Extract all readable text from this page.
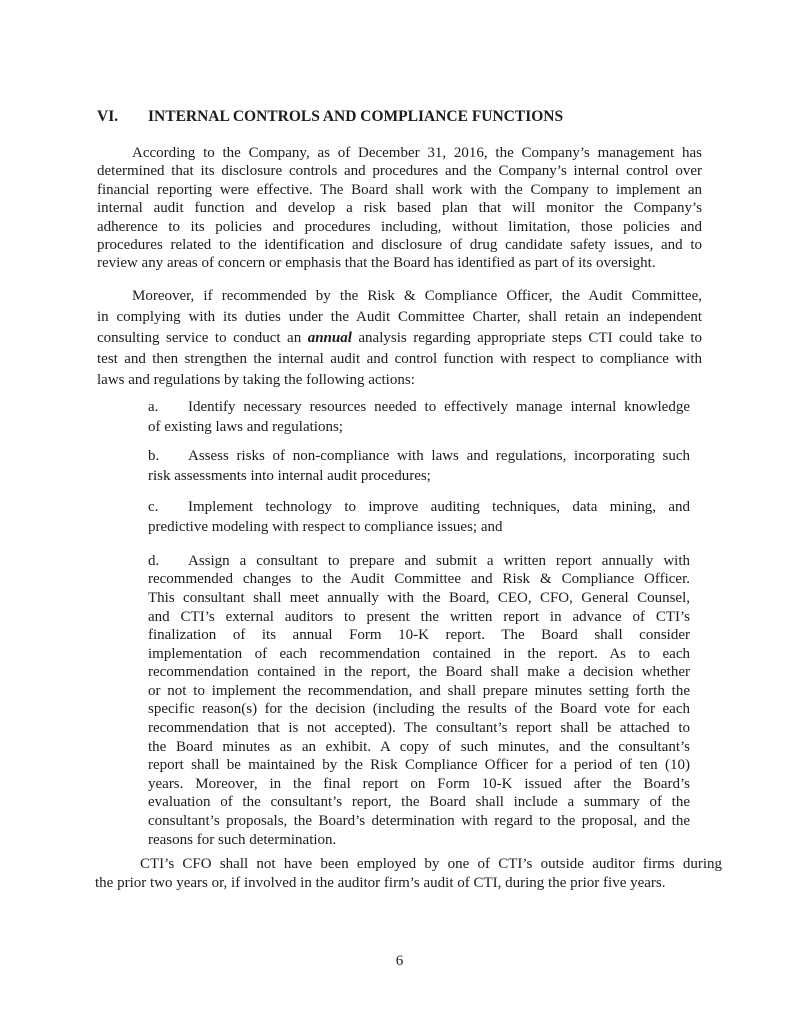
VI. INTERNAL CONTROLS AND COMPLIANCE FUNCTIONS
According to the Company, as of December 31, 2016, the Company’s management has
determined that its disclosure controls and procedures and the Company’s internal control over
financial reporting were effective. The Board shall work with the Company to implement an
internal audit function and develop a risk based plan that will monitor the Company’s
adherence to its policies and procedures including, without limitation, those policies and
procedures related to the identification and disclosure of drug candidate safety issues, and to
review any areas of concern or emphasis that the Board has identified as part of its oversight.
Moreover, if recommended by the Risk & Compliance Officer, the Audit Committee,
in complying with its duties under the Audit Committee Charter, shall retain an independent
consulting service to conduct an annual analysis regarding appropriate steps CTI could take to
test and then strengthen the internal audit and control function with respect to compliance with
laws and regulations by taking the following actions:
a. Identify necessary resources needed to effectively manage internal knowledge
of existing laws and regulations;
b. Assess risks of non-compliance with laws and regulations, incorporating such
risk assessments into internal audit procedures;
c. Implement technology to improve auditing techniques, data mining, and
predictive modeling with respect to compliance issues; and
d. Assign a consultant to prepare and submit a written report annually with
recommended changes to the Audit Committee and Risk & Compliance Officer.
This consultant shall meet annually with the Board, CEO, CFO, General Counsel,
and CTI’s external auditors to present the written report in advance of CTI’s
finalization of its annual Form 10-K report. The Board shall consider
implementation of each recommendation contained in the report. As to each
recommendation contained in the report, the Board shall make a decision whether
or not to implement the recommendation, and shall prepare minutes setting forth the
specific reason(s) for the decision (including the results of the Board vote for each
recommendation that is not accepted). The consultant’s report shall be attached to
the Board minutes as an exhibit. A copy of such minutes, and the consultant’s
report shall be maintained by the Risk Compliance Officer for a period of ten (10)
years. Moreover, in the final report on Form 10-K issued after the Board’s
evaluation of the consultant’s report, the Board shall include a summary of the
consultant’s proposals, the Board’s determination with regard to the proposal, and the
reasons for such determination.
CTI’s CFO shall not have been employed by one of CTI’s outside auditor firms during
the prior two years or, if involved in the auditor firm’s audit of CTI, during the prior five years.
6
